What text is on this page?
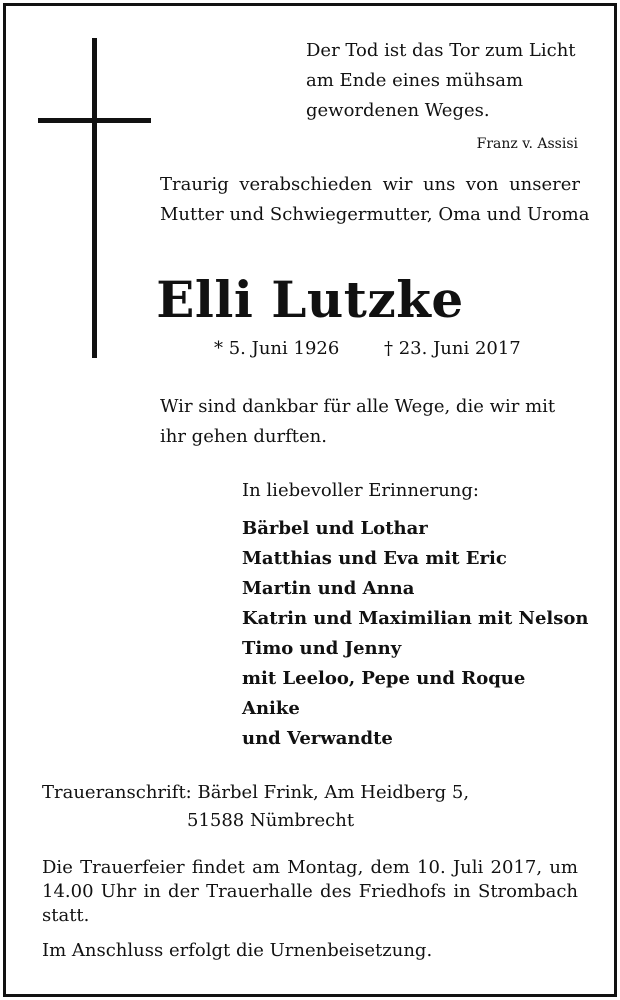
Der Tod ist das Tor zum Licht
am Ende eines mühsam
gewordenen Weges.
Franz v. Assisi
Traurig verabschieden wir uns von unserer
Mutter und Schwiegermutter, Oma und Uroma
Elli Lutzke
* 5. Juni 1926 † 23. Juni 2017
Wir sind dankbar für alle Wege, die wir mit ihr gehen durften.
In liebevoller Erinnerung:
Bärbel und Lothar
Matthias und Eva mit Eric
Martin und Anna
Katrin und Maximilian mit Nelson
Timo und Jenny
mit Leeloo, Pepe und Roque
Anike
und Verwandte
Traueranschrift: Bärbel Frink, Am Heidberg 5,
51588 Nümbrecht
Die Trauerfeier findet am Montag, dem 10. Juli 2017, um 14.00 Uhr in der Trauerhalle des Friedhofs in Strombach statt.
Im Anschluss erfolgt die Urnenbeisetzung.
